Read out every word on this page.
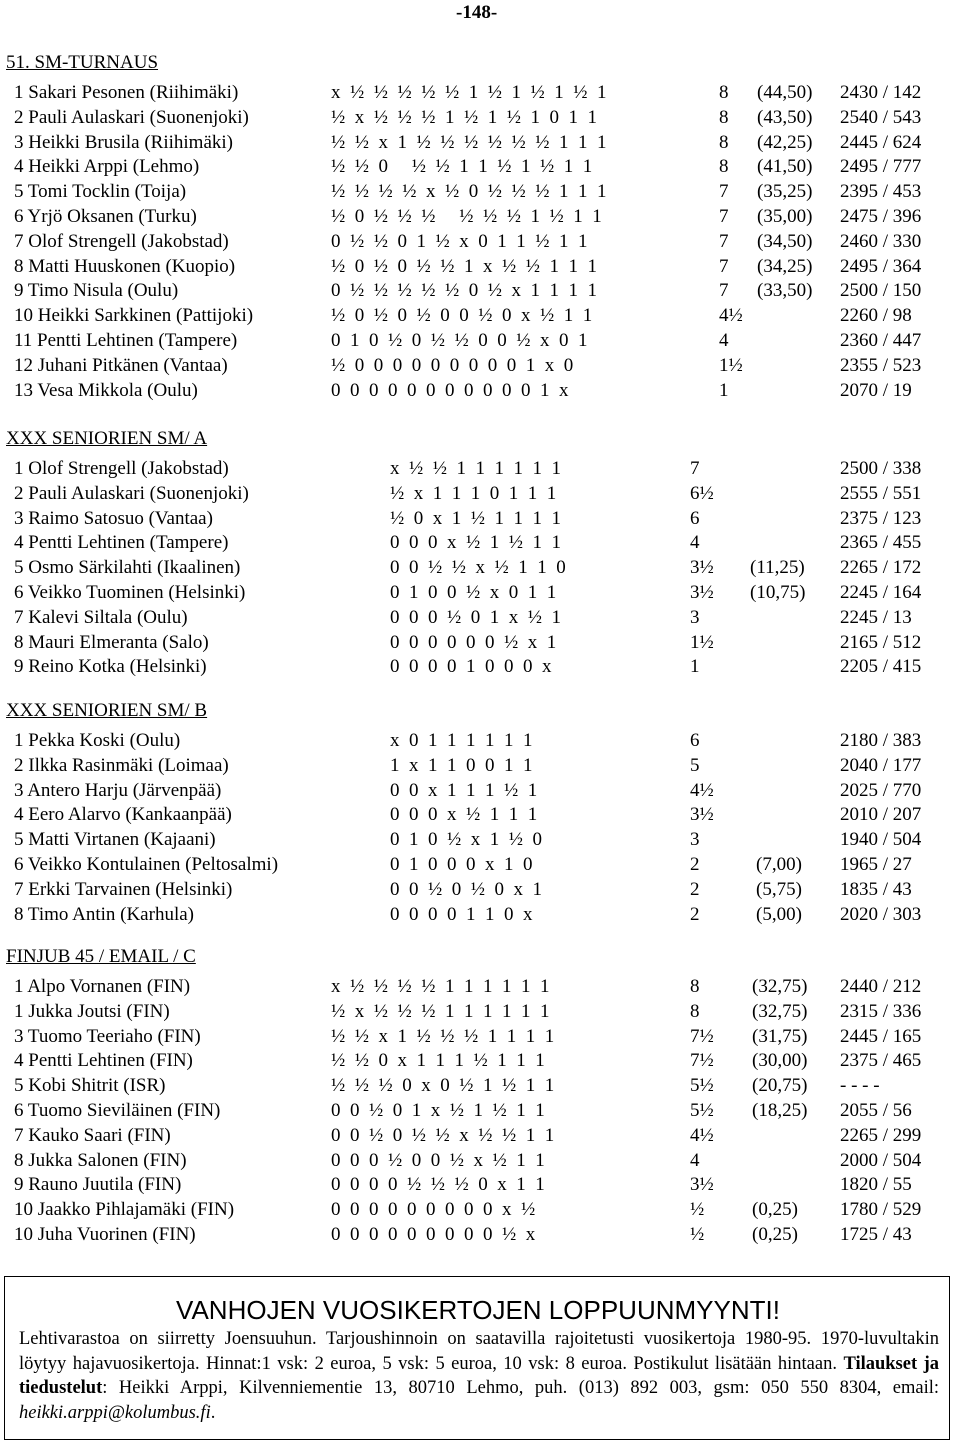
-148-
51. SM-TURNAUS
1 Sakari Pesonen (Riihimäki)	x  ½  ½  ½  ½  ½  1  ½  1  ½  1  ½  1	8 (44,50) 2430 / 142
2 Pauli Aulaskari (Suonenjoki)	½  x  ½  ½  ½  1  ½  1  ½  1  0  1  1	8 (43,50) 2540 / 543
3 Heikki Brusila (Riihimäki)	½  ½  x  1  ½  ½  ½  ½  ½  ½  1  1  1	8 (42,25) 2445 / 624
4 Heikki Arppi (Lehmo)	½  ½  0     ½  ½  1  1  ½  1  ½  1  1	8 (41,50) 2495 / 777
5 Tomi Tocklin (Toija)	½  ½  ½  ½  x  ½  0  ½  ½  ½  1  1  1	7 (35,25) 2395 / 453
6 Yrjö Oksanen (Turku)	½  0  ½  ½  ½     ½  ½  ½  1  ½  1  1	7 (35,00) 2475 / 396
7 Olof Strengell (Jakobstad)	0  ½  ½  0  1  ½  x  0  1  1  ½  1  1	7 (34,50) 2460 / 330
8 Matti Huuskonen (Kuopio)	½  0  ½  0  ½  ½  1  x  ½  ½  1  1  1	7 (34,25) 2495 / 364
9 Timo Nisula (Oulu)	0  ½  ½  ½  ½  ½  0  ½  x  1  1  1  1	7 (33,50) 2500 / 150
10 Heikki Sarkkinen (Pattijoki)	½  0  ½  0  ½  0  0  ½  0  x  ½  1  1	4½	2260 / 98
11 Pentti Lehtinen (Tampere)	0  1  0  ½  0  ½  ½  0  0  ½  x  0  1	4	2360 / 447
12 Juhani Pitkänen (Vantaa)	½  0  0  0  0  0  0  0  0  0  1  x  0	1½	2355 / 523
13 Vesa Mikkola (Oulu)	0  0  0  0  0  0  0  0  0  0  0  1  x	1	2070 / 19
XXX SENIORIEN SM/ A
1 Olof Strengell (Jakobstad)	x  ½  ½  1  1  1  1  1  1	7	2500 / 338
2 Pauli Aulaskari (Suonenjoki)	½  x  1  1  1  0  1  1  1	6½	2555 / 551
3 Raimo Satosuo (Vantaa)	½  0  x  1  ½  1  1  1  1	6	2375 / 123
4 Pentti Lehtinen (Tampere)	0  0  0  x  ½  1  ½  1  1	4	2365 / 455
5 Osmo Särkilahti (Ikaalinen)	0  0  ½  ½  x  ½  1  1  0	3½ (11,25) 2265 / 172
6 Veikko Tuominen (Helsinki)	0  1  0  0  ½  x  0  1  1	3½ (10,75) 2245 / 164
7 Kalevi Siltala (Oulu)	0  0  0  ½  0  1  x  ½  1	3	2245 / 13
8 Mauri Elmeranta (Salo)	0  0  0  0  0  0  ½  x  1	1½	2165 / 512
9 Reino Kotka (Helsinki)	0  0  0  0  1  0  0  0  x	1	2205 / 415
XXX SENIORIEN SM/ B
1 Pekka Koski (Oulu)	x  0  1  1  1  1  1  1	6	2180 / 383
2 Ilkka Rasinmäki (Loimaa)	1  x  1  1  0  0  1  1	5	2040 / 177
3 Antero Harju (Järvenpää)	0  0  x  1  1  1  ½  1	4½	2025 / 770
4 Eero Alarvo (Kankaanpää)	0  0  0  x  ½  1  1  1	3½	2010 / 207
5 Matti Virtanen (Kajaani)	0  1  0  ½  x  1  ½  0	3	1940 / 504
6 Veikko Kontulainen (Peltosalmi)	0  1  0  0  0  x  1  0	2	(7,00) 1965 / 27
7 Erkki Tarvainen (Helsinki)	0  0  ½  0  ½  0  x  1	2	(5,75) 1835 / 43
8 Timo Antin (Karhula)	0  0  0  0  1  1  0  x	2	(5,00) 2020 / 303
FINJUB 45 / EMAIL / C
1 Alpo Vornanen (FIN)	x  ½  ½  ½  ½  1  1  1  1  1  1	8	(32,75) 2440 / 212
1 Jukka Joutsi (FIN)	½  x  ½  ½  ½  1  1  1  1  1  1	8	(32,75) 2315 / 336
3 Tuomo Teeriaho (FIN)	½  ½  x  1  ½  ½  ½  1  1  1  1	7½ (31,75) 2445 / 165
4 Pentti Lehtinen (FIN)	½  ½  0  x  1  1  1  ½  1  1  1	7½ (30,00) 2375 / 465
5 Kobi Shitrit (ISR)	½  ½  ½  0  x  0  ½  1  ½  1  1	5½ (20,75) - - - -
6 Tuomo Sieviläinen (FIN)	0  0  ½  0  1  x  ½  1  ½  1  1	5½ (18,25) 2055 / 56
7 Kauko Saari (FIN)	0  0  ½  0  ½  ½  x  ½  ½  1  1	4½	2265 / 299
8 Jukka Salonen (FIN)	0  0  0  ½  0  0  ½  x  ½  1  1	4	2000 / 504
9 Rauno Juutila (FIN)	0  0  0  0  ½  ½  ½  0  x  1  1	3½	1820 / 55
10 Jaakko Pihlajamäki (FIN)	0  0  0  0  0  0  0  0  0  x  ½	½	(0,25) 1780 / 529
10 Juha Vuorinen (FIN)	0  0  0  0  0  0  0  0  0  ½  x	½	(0,25) 1725 / 43
VANHOJEN VUOSIKERTOJEN LOPPUUNMYYNTI!
Lehtivarastoa on siirretty Joensuuhun. Tarjoushinnoin on saatavilla rajoitetusti vuosikertoja 1980-95. 1970-luvultakin löytyy hajavuosikertoja. Hinnat:1 vsk: 2 euroa, 5 vsk: 5 euroa, 10 vsk: 8 euroa. Postikulut lisätään hintaan. Tilaukset ja tiedustelut: Heikki Arppi, Kilvenniementie 13, 80710 Lehmo, puh. (013) 892 003, gsm: 050 550 8304, email: heikki.arppi@kolumbus.fi.
